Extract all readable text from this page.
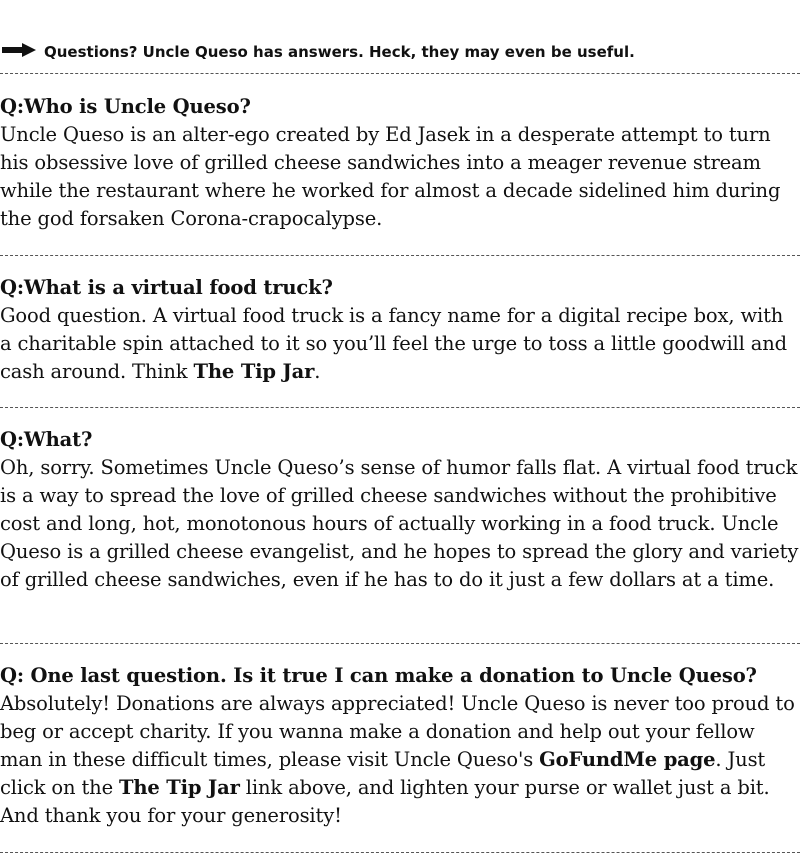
Questions? Uncle Queso has answers. Heck, they may even be useful.
Q:Who is Uncle Queso?

Uncle Queso is an alter-ego created by Ed Jasek in a desperate attempt to turn his obsessive love of grilled cheese sandwiches into a meager revenue stream while the restaurant where he worked for almost a decade sidelined him during the god forsaken Corona-crapocalypse.

Q:What is a virtual food truck?

Good question. A virtual food truck is a fancy name for a digital recipe box, with a charitable spin attached to it so you’ll feel the urge to toss a little goodwill and cash around. Think The Tip Jar.

Q:What?

Oh, sorry. Sometimes Uncle Queso’s sense of humor falls flat. A virtual food truck is a way to spread the love of grilled cheese sandwiches without the prohibitive cost and long, hot, monotonous hours of actually working in a food truck. Uncle Queso is a grilled cheese evangelist, and he hopes to spread the glory and variety of grilled cheese sandwiches, even if he has to do it just a few dollars at a time.

Q: One last question. Is it true I can make a donation to Uncle Queso?

Absolutely! Donations are always appreciated! Uncle Queso is never too proud to beg or accept charity. If you wanna make a donation and help out your fellow man in these difficult times, please visit Uncle Queso's GoFundMe page. Just click on the The Tip Jar link above, and lighten your purse or wallet just a bit. And thank you for your generosity!
